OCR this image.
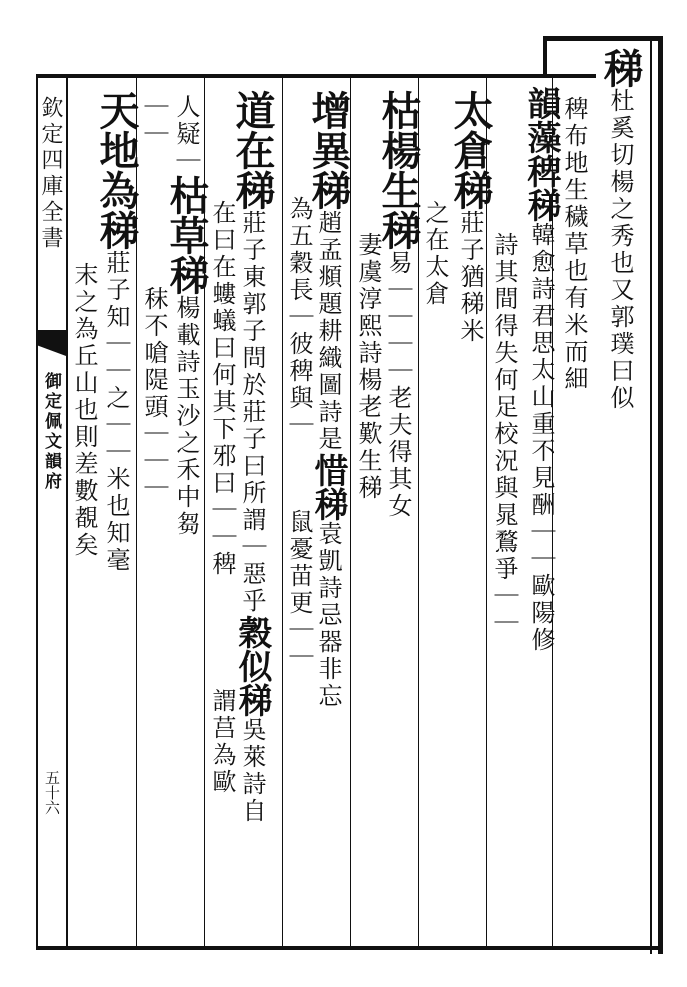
欽定四庫全書
御定佩文韻府
五十六
稊杜奚切楊之秀也又郭璞曰似
稗布地生穢草也有米而細
韻藻稗稊韓愈詩君思太山重不見酬｜｜歐陽修
詩其間得失何足校況與晁鶩爭｜｜
太倉稊莊子猶稊米
之在太倉
枯楊生稊易｜｜｜｜老夫得其女
妻虞淳熙詩楊老歎生稊
增異稊趙孟頫題耕織圖詩是惜稊袁凱詩忌器非忘
為五穀長｜彼稗與｜鼠憂苗更｜｜
道在稊莊子東郭子問於莊子曰所謂｜惡乎穀似稊吳萊詩自
在曰在螻蟻曰何其下邪曰｜｜稗謂莒為歐
人疑｜枯草稊楊載詩玉沙之禾中芻
｜｜秣不嗆隄頭｜｜｜
天地為稊莊子知｜｜之｜｜米也知毫
末之為丘山也則差數覩矣
